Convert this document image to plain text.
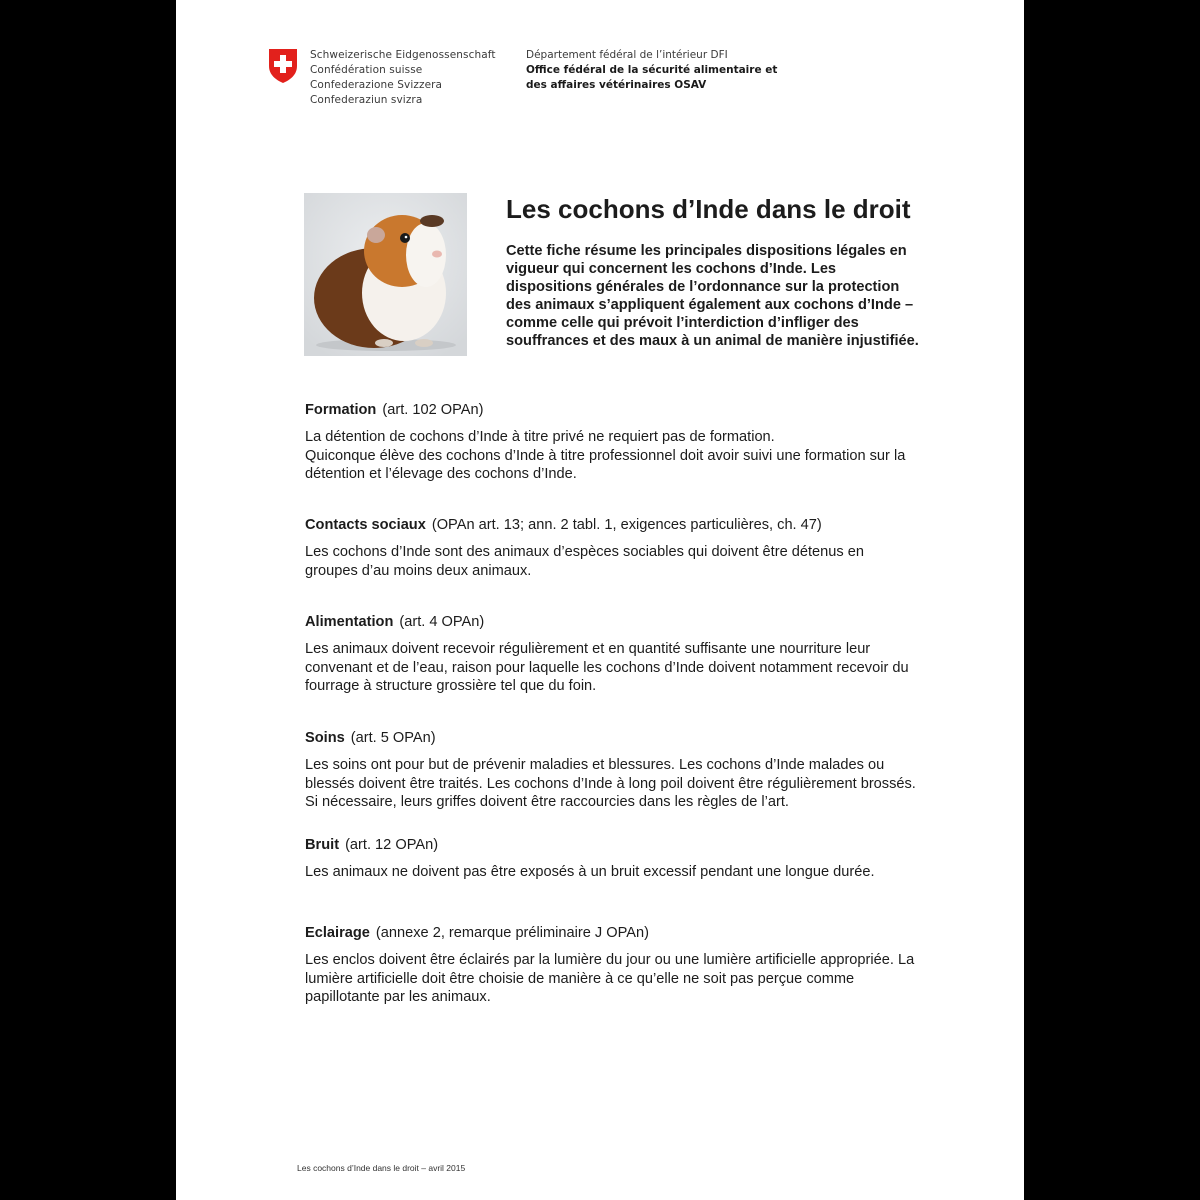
Schweizerische Eidgenossenschaft
Confédération suisse
Confederazione Svizzera
Confederaziun svizra
Département fédéral de l’intérieur DFI
Office fédéral de la sécurité alimentaire et
des affaires vétérinaires OSAV
Les cochons d’Inde dans le droit
Cette fiche résume les principales dispositions légales en
vigueur qui concernent les cochons d’Inde. Les
dispositions générales de l’ordonnance sur la protection
des animaux s’appliquent également aux cochons d’Inde –
comme celle qui prévoit l’interdiction d’infliger des
souffrances et des maux à un animal de manière injustifiée.
Formation (art. 102 OPAn)
La détention de cochons d’Inde à titre privé ne requiert pas de formation.
Quiconque élève des cochons d’Inde à titre professionnel doit avoir suivi une formation sur la
détention et l’élevage des cochons d’Inde.
Contacts sociaux (OPAn art. 13; ann. 2 tabl. 1, exigences particulières, ch. 47)
Les cochons d’Inde sont des animaux d’espèces sociables qui doivent être détenus en
groupes d’au moins deux animaux.
Alimentation (art. 4 OPAn)
Les animaux doivent recevoir régulièrement et en quantité suffisante une nourriture leur
convenant et de l’eau, raison pour laquelle les cochons d’Inde doivent notamment recevoir du
fourrage à structure grossière tel que du foin.
Soins (art. 5 OPAn)
Les soins ont pour but de prévenir maladies et blessures. Les cochons d’Inde malades ou
blessés doivent être traités. Les cochons d’Inde à long poil doivent être régulièrement brossés.
Si nécessaire, leurs griffes doivent être raccourcies dans les règles de l’art.
Bruit (art. 12 OPAn)
Les animaux ne doivent pas être exposés à un bruit excessif pendant une longue durée.
Eclairage (annexe 2, remarque préliminaire J OPAn)
Les enclos doivent être éclairés par la lumière du jour ou une lumière artificielle appropriée. La
lumière artificielle doit être choisie de manière à ce qu’elle ne soit pas perçue comme
papillotante par les animaux.
Les cochons d’Inde dans le droit – avril 2015
